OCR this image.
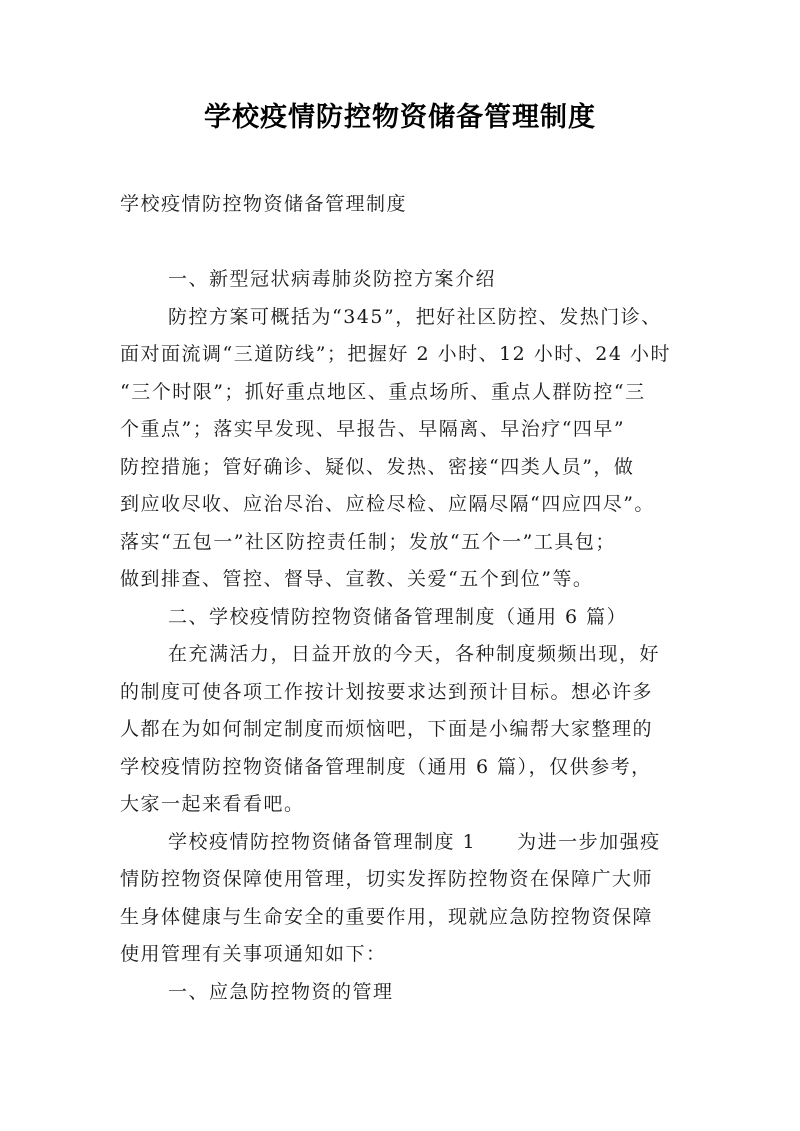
学校疫情防控物资储备管理制度
学校疫情防控物资储备管理制度
一、新型冠状病毒肺炎防控方案介绍
防控方案可概括为“345”，把好社区防控、发热门诊、
面对面流调“三道防线”；把握好 2 小时、12 小时、24 小时
“三个时限”；抓好重点地区、重点场所、重点人群防控“三
个重点”；落实早发现、早报告、早隔离、早治疗“四早”
防控措施；管好确诊、疑似、发热、密接“四类人员”，做
到应收尽收、应治尽治、应检尽检、应隔尽隔“四应四尽”。
落实“五包一”社区防控责任制；发放“五个一”工具包；
做到排查、管控、督导、宣教、关爱“五个到位”等。
二、学校疫情防控物资储备管理制度（通用 6 篇）
在充满活力，日益开放的今天，各种制度频频出现，好
的制度可使各项工作按计划按要求达到预计目标。想必许多
人都在为如何制定制度而烦恼吧，下面是小编帮大家整理的
学校疫情防控物资储备管理制度（通用 6 篇），仅供参考，
大家一起来看看吧。
学校疫情防控物资储备管理制度 1　　为进一步加强疫
情防控物资保障使用管理，切实发挥防控物资在保障广大师
生身体健康与生命安全的重要作用，现就应急防控物资保障
使用管理有关事项通知如下：
一、应急防控物资的管理
